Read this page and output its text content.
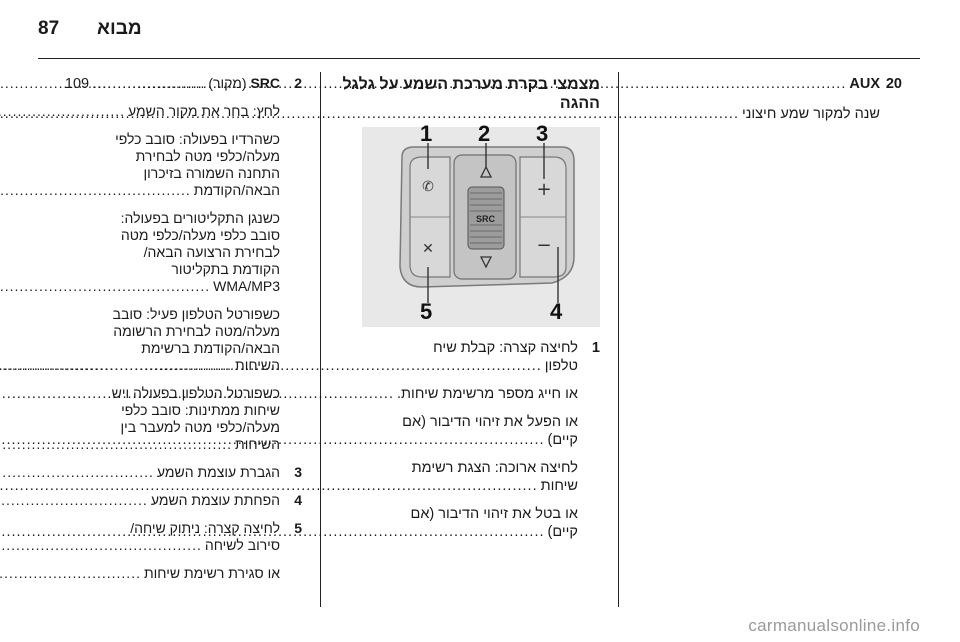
87 מבוא
20
AUX
.....
109
שנה למקור שמע חיצוני
.....
מצמצי בקרת מערכת השמע על גלגל ההגה
+
−
✆
✕
1 2 3
4
5
SRC
1
לחיצה קצרה: קבלת שיח
טלפון
.....
או חייג מספר מרשימת שיחות.
.....
או הפעל את זיהוי הדיבור (אם
קיים)
.....
לחיצה ארוכה: הצגת רשימת
שיחות
.....
או בטל את זיהוי הדיבור (אם
קיים)
.....
2
SRC (מקור)
.....
לחץ: בחר את מקור השמע
.....
כשהרדיו בפעולה: סובב כלפי
מעלה/כלפי מטה לבחירת
התחנה השמורה בזיכרון
הבאה/הקודמת
.....
כשנגן התקליטורים בפעולה:
סובב כלפי מעלה/כלפי מטה
לבחירת הרצועה הבאה/
הקודמת בתקליטור
WMA/MP3
.....
כשפורטל הטלפון פעיל: סובב
מעלה/מטה לבחירת הרשומה
הבאה/הקודמת ברשימת
השיחות
.....
כשפורטל הטלפון בפעולה ויש
שיחות ממתינות: סובב כלפי
מעלה/כלפי מטה למעבר בין
השיחות
.....
3
הגברת עוצמת השמע
.....
4
הפחתת עוצמת השמע
.....
5
לחיצה קצרה: ניתוק שיחה/
סירוב לשיחה
.....
או סגירת רשימת שיחות
.....
carmanualsonline.info
